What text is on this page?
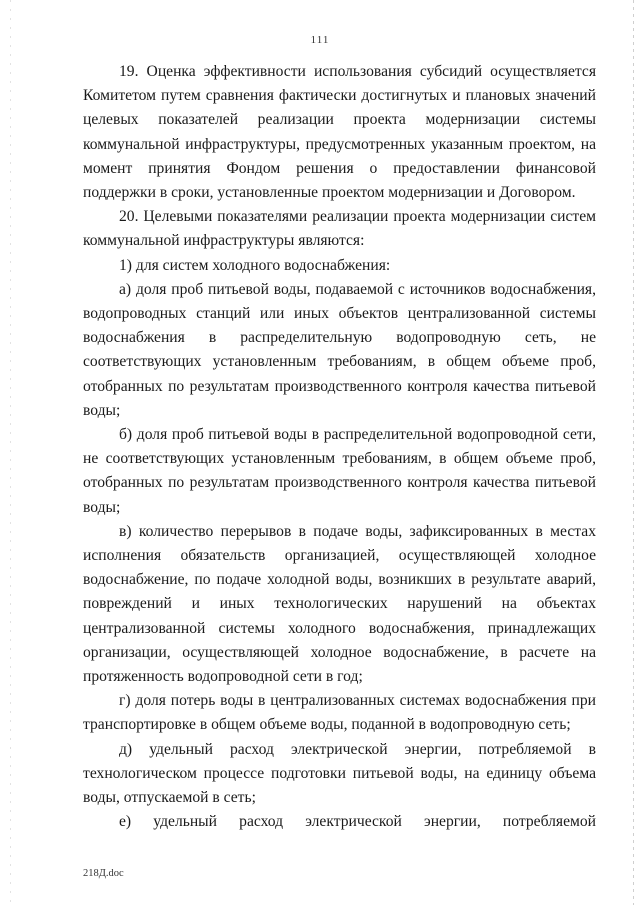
111

19. Оценка эффективности использования субсидий осуществляется Комитетом путем сравнения фактически достигнутых и плановых значений целевых показателей реализации проекта модернизации системы коммунальной инфраструктуры, предусмотренных указанным проектом, на момент принятия Фондом решения о предоставлении финансовой поддержки в сроки, установленные проектом модернизации и Договором.

20. Целевыми показателями реализации проекта модернизации систем коммунальной инфраструктуры являются:

1) для систем холодного водоснабжения:

а) доля проб питьевой воды, подаваемой с источников водоснабжения, водопроводных станций или иных объектов централизованной системы водоснабжения в распределительную водопроводную сеть, не соответствующих установленным требованиям, в общем объеме проб, отобранных по результатам производственного контроля качества питьевой воды;

б) доля проб питьевой воды в распределительной водопроводной сети, не соответствующих установленным требованиям, в общем объеме проб, отобранных по результатам производственного контроля качества питьевой воды;

в) количество перерывов в подаче воды, зафиксированных в местах исполнения обязательств организацией, осуществляющей холодное водоснабжение, по подаче холодной воды, возникших в результате аварий, повреждений и иных технологических нарушений на объектах централизованной системы холодного водоснабжения, принадлежащих организации, осуществляющей холодное водоснабжение, в расчете на протяженность водопроводной сети в год;

г) доля потерь воды в централизованных системах водоснабжения при транспортировке в общем объеме воды, поданной в водопроводную сеть;

д) удельный расход электрической энергии, потребляемой в технологическом процессе подготовки питьевой воды, на единицу объема воды, отпускаемой в сеть;

е) удельный расход электрической энергии, потребляемой

218Д.doc
